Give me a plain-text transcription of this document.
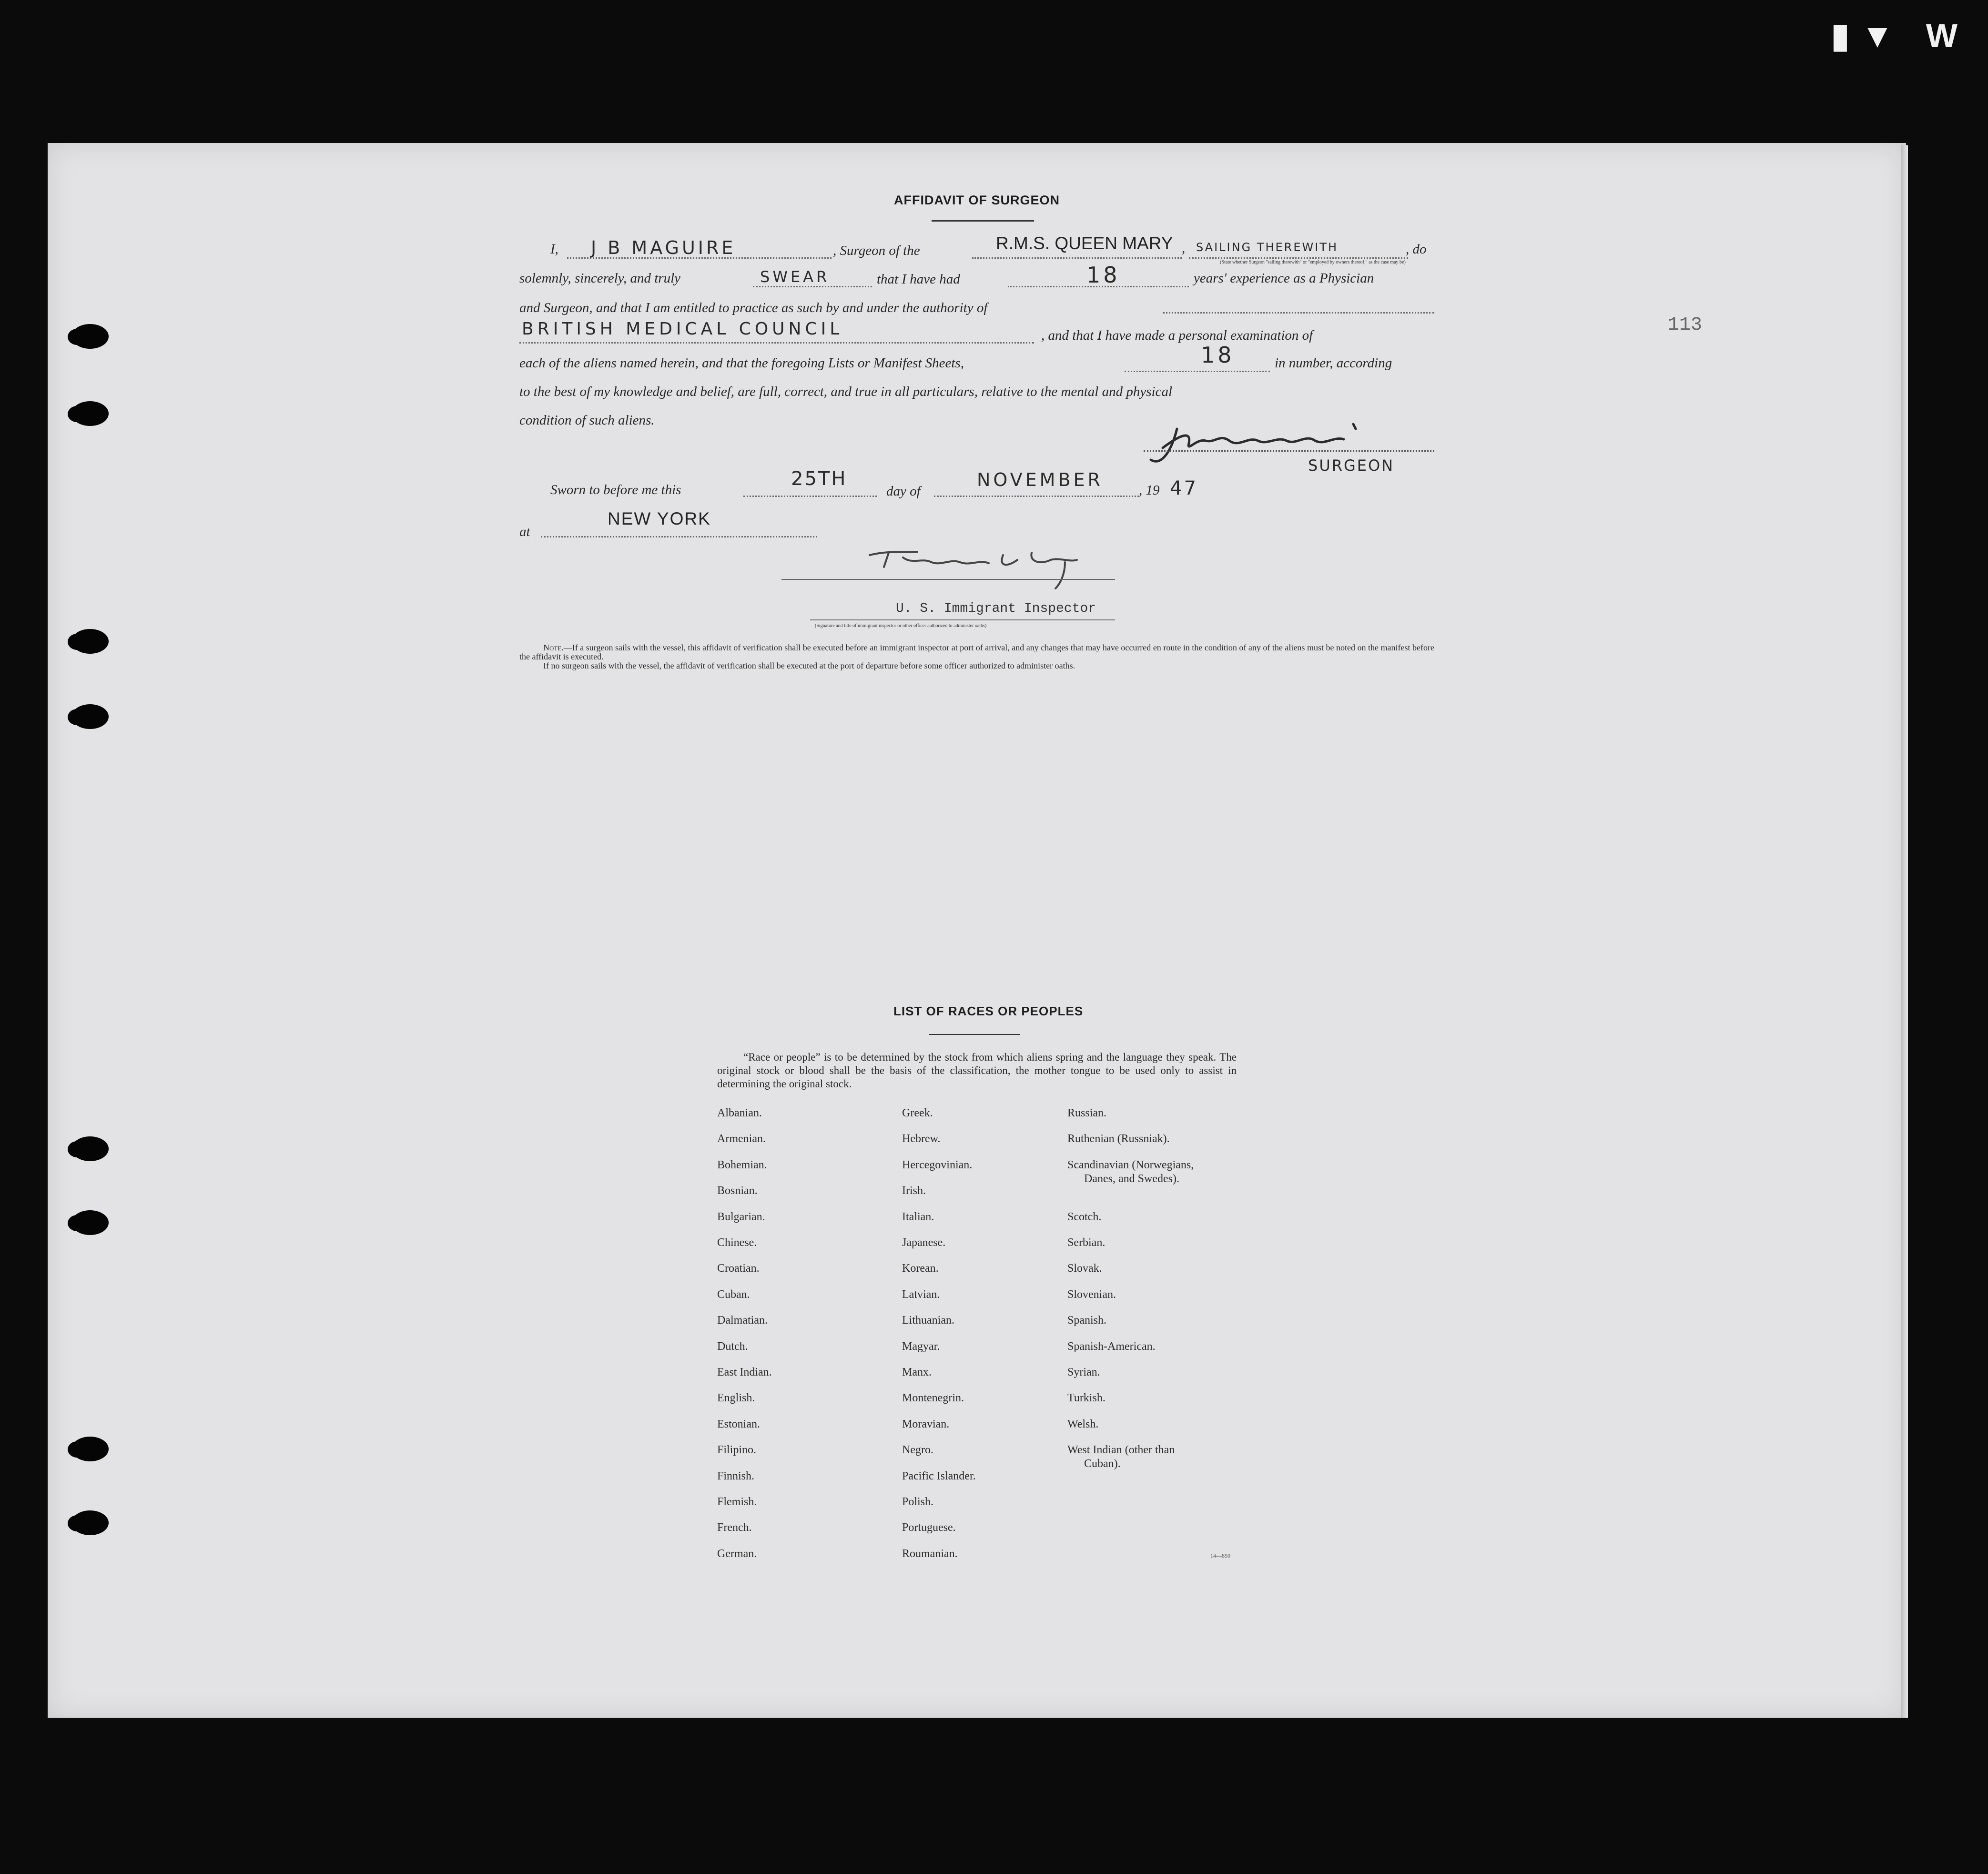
▮▼ W
AFFIDAVIT OF SURGEON
I, J B MAGUIRE	, Surgeon of the	R.M.S. QUEEN MARY , SAILING THEREWITH	, do
(State whether Surgeon "sailing therewith" or "employed by owners thereof," as the case may be)
solemnly, sincerely, and truly	SWEAR	that I have had	18	years' experience as a Physician
and Surgeon, and that I am entitled to practice as such by and under the authority of
BRITISH MEDICAL COUNCIL	, and that I have made a personal examination of
each of the aliens named herein, and that the foregoing Lists or Manifest Sheets,	18	in number, according
to the best of my knowledge and belief, are full, correct, and true in all particulars, relative to the mental and physical
condition of such aliens.
SURGEON
Sworn to before me this	25TH
day of
NOVEMBER	, 19 47
at
NEW YORK
U. S. Immigrant Inspector
(Signature and title of immigrant inspector or other officer authorized to administer oaths)
Note.—If a surgeon sails with the vessel, this affidavit of verification shall be executed before an immigrant inspector at port of arrival, and any changes that may have occurred en route in the condition of any of the aliens must be noted on the manifest before the affidavit is executed.
If no surgeon sails with the vessel, the affidavit of verification shall be executed at the port of departure before some officer authorized to administer oaths.
113
LIST OF RACES OR PEOPLES
“Race or people” is to be determined by the stock from which aliens spring and the language they speak. The original stock or blood shall be the basis of the classification, the mother tongue to be used only to assist in determining the original stock.
Albanian.
Armenian.
Bohemian.
Bosnian.
Bulgarian.
Chinese.
Croatian.
Cuban.
Dalmatian.
Dutch.
East Indian.
English.
Estonian.
Filipino.
Finnish.
Flemish.
French.
German.
Greek.
Hebrew.
Hercegovinian.
Irish.
Italian.
Japanese.
Korean.
Latvian.
Lithuanian.
Magyar.
Manx.
Montenegrin.
Moravian.
Negro.
Pacific Islander.
Polish.
Portuguese.
Roumanian.
Russian.
Ruthenian (Russniak).
Scandinavian (Norwegians,
Danes, and Swedes).
Scotch.
Serbian.
Slovak.
Slovenian.
Spanish.
Spanish-American.
Syrian.
Turkish.
Welsh.
West Indian (other than
Cuban).
14—850
